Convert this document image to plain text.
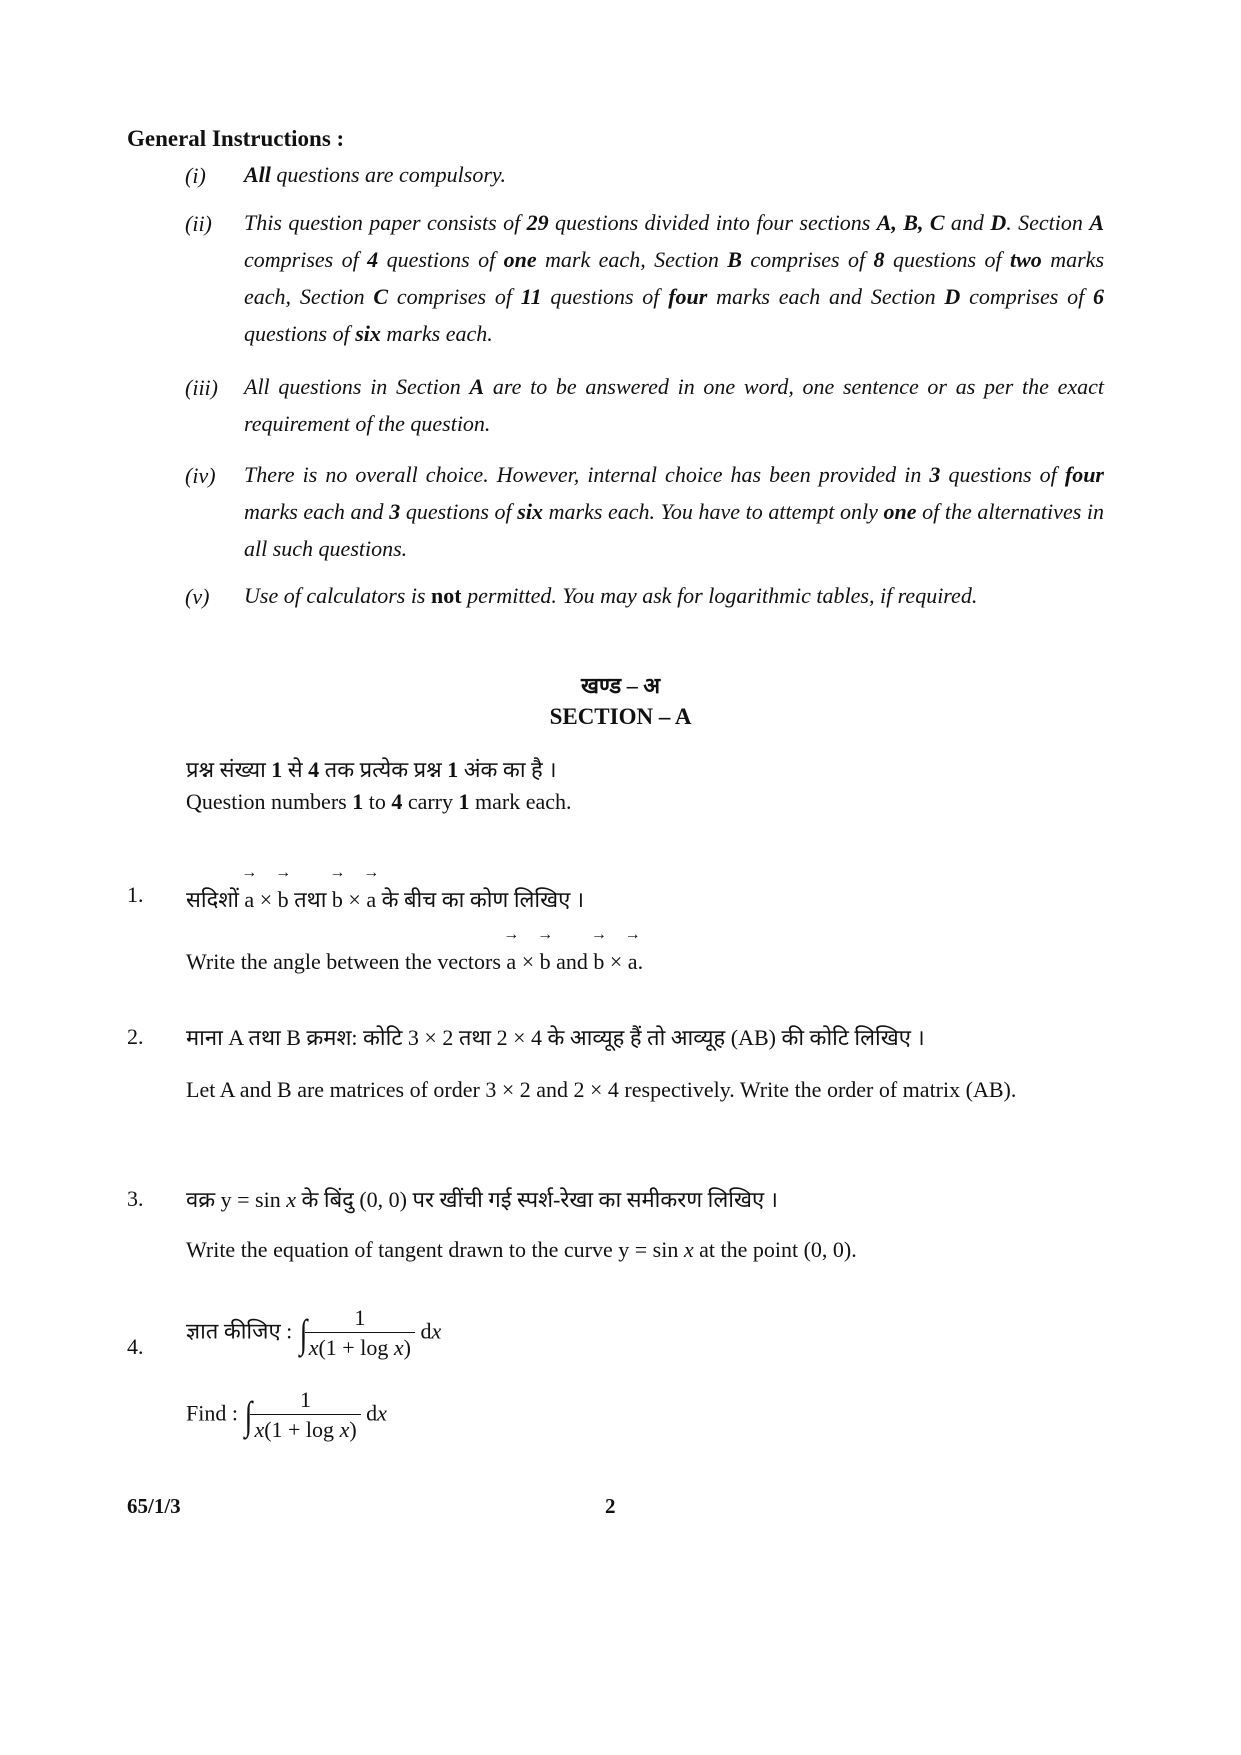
General Instructions :
(i) All questions are compulsory.
(ii) This question paper consists of 29 questions divided into four sections A, B, C and D. Section A comprises of 4 questions of one mark each, Section B comprises of 8 questions of two marks each, Section C comprises of 11 questions of four marks each and Section D comprises of 6 questions of six marks each.
(iii) All questions in Section A are to be answered in one word, one sentence or as per the exact requirement of the question.
(iv) There is no overall choice. However, internal choice has been provided in 3 questions of four marks each and 3 questions of six marks each. You have to attempt only one of the alternatives in all such questions.
(v) Use of calculators is not permitted. You may ask for logarithmic tables, if required.
खण्ड – अ
SECTION – A
प्रश्न संख्या 1 से 4 तक प्रत्येक प्रश्न 1 अंक का है ।
Question numbers 1 to 4 carry 1 mark each.
1.	सदिशों → a × → b तथा → b × → a के बीच का कोण लिखिए ।
Write the angle between the vectors → a × → b and → b × → a.
2.	माना A तथा B क्रमश: कोटि 3 × 2 तथा 2 × 4 के आव्यूह हैं तो आव्यूह (AB) की कोटि लिखिए ।
Let A and B are matrices of order 3 × 2 and 2 × 4 respectively. Write the order of matrix (AB).
3.	वक्र y = sin x के बिंदु (0, 0) पर खींची गई स्पर्श-रेखा का समीकरण लिखिए ।
Write the equation of tangent drawn to the curve y = sin x at the point (0, 0).
4.
ज्ञात कीजिए : ∫
$\frac{1}{\text{x(1 + log x)}}$ dx
Find : ∫
$\frac{1}{\text{x(1 + log x)}}$ dx
65/1/3	2
